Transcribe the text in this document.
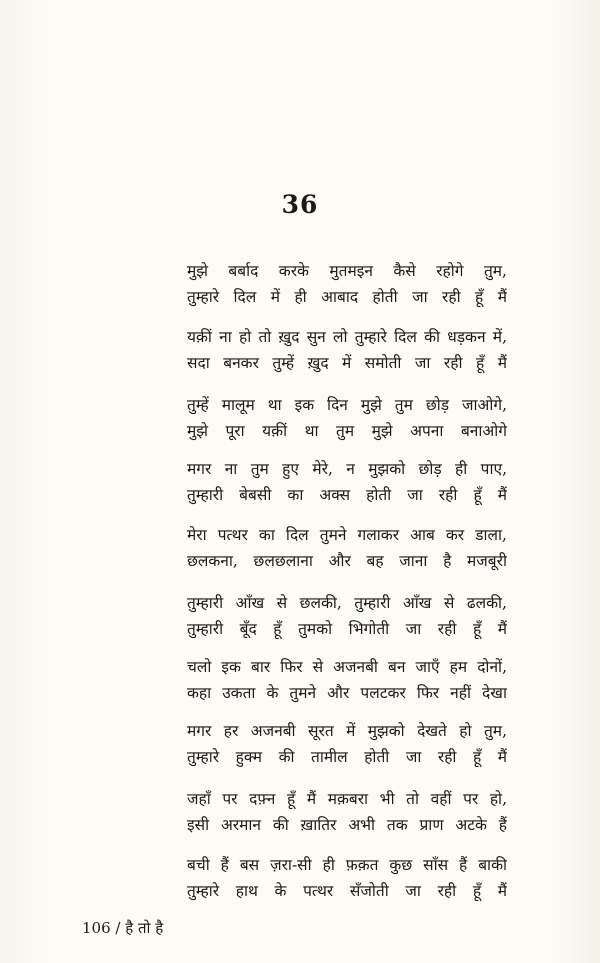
36
मुझे बर्बाद करके मुतमइन कैसे रहोगे तुम,
तुम्हारे दिल में ही आबाद होती जा रही हूँ मैं
यक़ीं ना हो तो ख़ुद सुन लो तुम्हारे दिल की धड़कन में,
सदा बनकर तुम्हें ख़ुद में समोती जा रही हूँ मैं
तुम्हें मालूम था इक दिन मुझे तुम छोड़ जाओगे,
मुझे पूरा यक़ीं था तुम मुझे अपना बनाओगे
मगर ना तुम हुए मेरे, न मुझको छोड़ ही पाए,
तुम्हारी बेबसी का अक्स होती जा रही हूँ मैं
मेरा पत्थर का दिल तुमने गलाकर आब कर डाला,
छलकना, छलछलाना और बह जाना है मजबूरी
तुम्हारी आँख से छलकी, तुम्हारी आँख से ढलकी,
तुम्हारी बूँद हूँ तुमको भिगोती जा रही हूँ मैं
चलो इक बार फिर से अजनबी बन जाएँ हम दोनों,
कहा उकता के तुमने और पलटकर फिर नहीं देखा
मगर हर अजनबी सूरत में मुझको देखते हो तुम,
तुम्हारे हुक्म की तामील होती जा रही हूँ मैं
जहाँ पर दफ़्न हूँ मैं मक़बरा भी तो वहीं पर हो,
इसी अरमान की ख़ातिर अभी तक प्राण अटके हैं
बची हैं बस ज़रा-सी ही फ़क़त कुछ साँस हैं बाकी
तुम्हारे हाथ के पत्थर सँजोती जा रही हूँ मैं
106 / है तो है
